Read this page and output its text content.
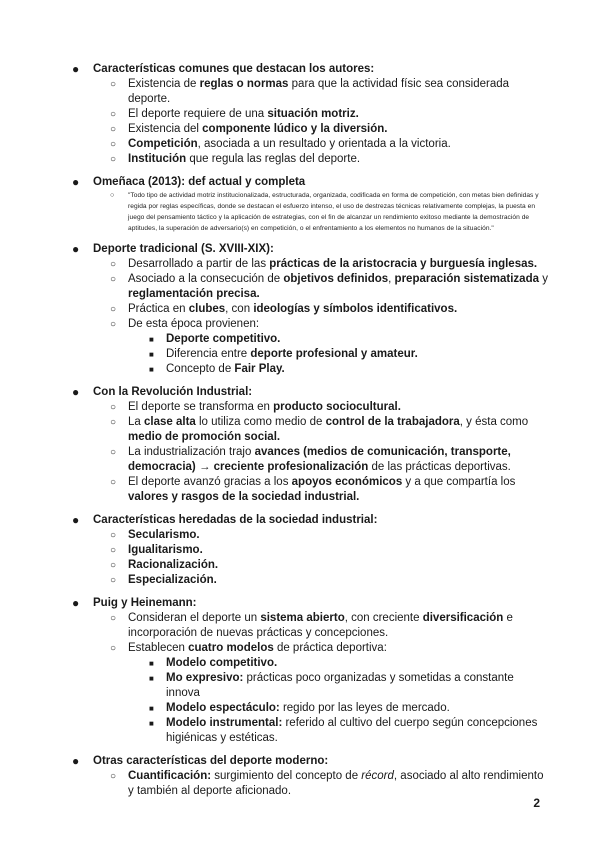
● Características comunes que destacan los autores:
○ Existencia de reglas o normas para que la actividad físic sea considerada deporte.
○ El deporte requiere de una situación motriz.
○ Existencia del componente lúdico y la diversión.
○ Competición, asociada a un resultado y orientada a la victoria.
○ Institución que regula las reglas del deporte.
● Omeñaca (2013): def actual y completa
○ "Todo tipo de actividad motriz institucionalizada, estructurada, organizada, codificada en forma de competición, con metas bien definidas y regida por reglas específicas, donde se destacan el esfuerzo intenso, el uso de destrezas técnicas relativamente complejas, la puesta en juego del pensamiento táctico y la aplicación de estrategias, con el fin de alcanzar un rendimiento exitoso mediante la demostración de aptitudes, la superación de adversario(s) en competición, o el enfrentamiento a los elementos no humanos de la situación."
● Deporte tradicional (S. XVIII-XIX):
○ Desarrollado a partir de las prácticas de la aristocracia y burguesía inglesas.
○ Asociado a la consecución de objetivos definidos, preparación sistematizada y reglamentación precisa.
○ Práctica en clubes, con ideologías y símbolos identificativos.
○ De esta época provienen:
■ Deporte competitivo.
■ Diferencia entre deporte profesional y amateur.
■ Concepto de Fair Play.
● Con la Revolución Industrial:
○ El deporte se transforma en producto sociocultural.
○ La clase alta lo utiliza como medio de control de la trabajadora, y ésta como medio de promoción social.
○ La industrialización trajo avances (medios de comunicación, transporte, democracia) → creciente profesionalización de las prácticas deportivas.
○ El deporte avanzó gracias a los apoyos económicos y a que compartía los valores y rasgos de la sociedad industrial.
● Características heredadas de la sociedad industrial:
○ Secularismo.
○ Igualitarismo.
○ Racionalización.
○ Especialización.
● Puig y Heinemann:
○ Consideran el deporte un sistema abierto, con creciente diversificación e incorporación de nuevas prácticas y concepciones.
○ Establecen cuatro modelos de práctica deportiva:
■ Modelo competitivo.
■ Mo expresivo: prácticas poco organizadas y sometidas a constante innova
■ Modelo espectáculo: regido por las leyes de mercado.
■ Modelo instrumental: referido al cultivo del cuerpo según concepciones higiénicas y estéticas.
● Otras características del deporte moderno:
○ Cuantificación: surgimiento del concepto de récord, asociado al alto rendimiento y también al deporte aficionado.
2
